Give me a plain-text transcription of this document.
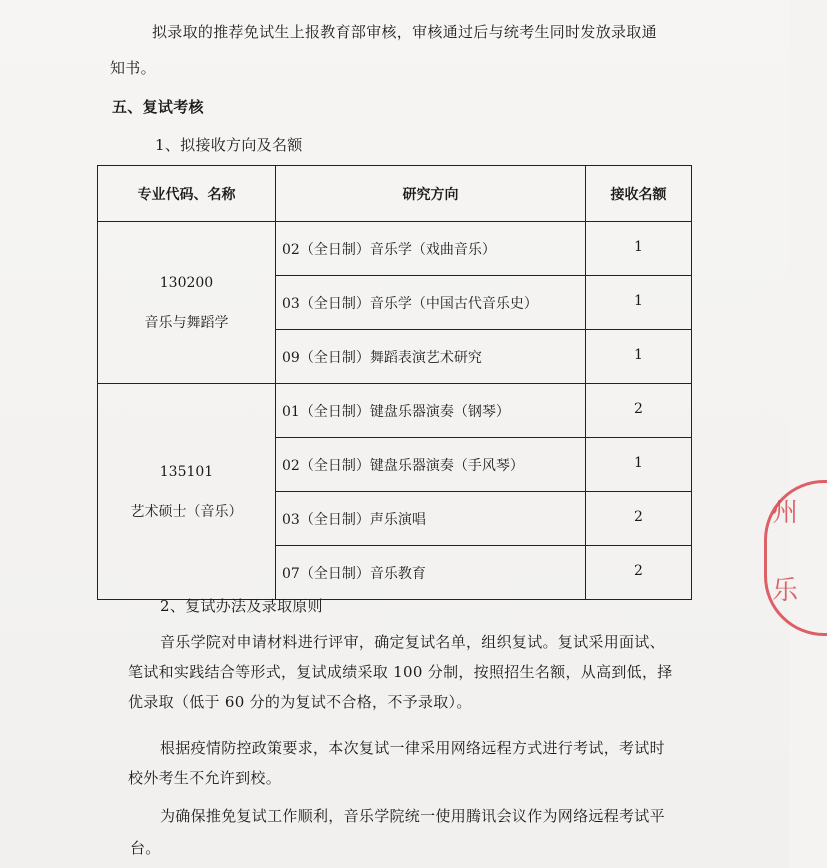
拟录取的推荐免试生上报教育部审核，审核通过后与统考生同时发放录取通
知书。
五、复试考核
1、拟接收方向及名额
专业代码、名称	研究方向	接收名额

130200
音乐与舞蹈学	02（全日制）音乐学（戏曲音乐）	1
	03（全日制）音乐学（中国古代音乐史）	1
	09（全日制）舞蹈表演艺术研究	1

135101
艺术硕士（音乐）	01（全日制）键盘乐器演奏（钢琴）	2
	02（全日制）键盘乐器演奏（手风琴）	1
	03（全日制）声乐演唱	2
	07（全日制）音乐教育	2
2、复试办法及录取原则
音乐学院对申请材料进行评审，确定复试名单，组织复试。复试采用面试、
笔试和实践结合等形式，复试成绩采取 100 分制，按照招生名额，从高到低，择
优录取（低于 60 分的为复试不合格，不予录取）。
根据疫情防控政策要求，本次复试一律采用网络远程方式进行考试，考试时
校外考生不允许到校。
为确保推免复试工作顺利，音乐学院统一使用腾讯会议作为网络远程考试平
台。
州
乐
